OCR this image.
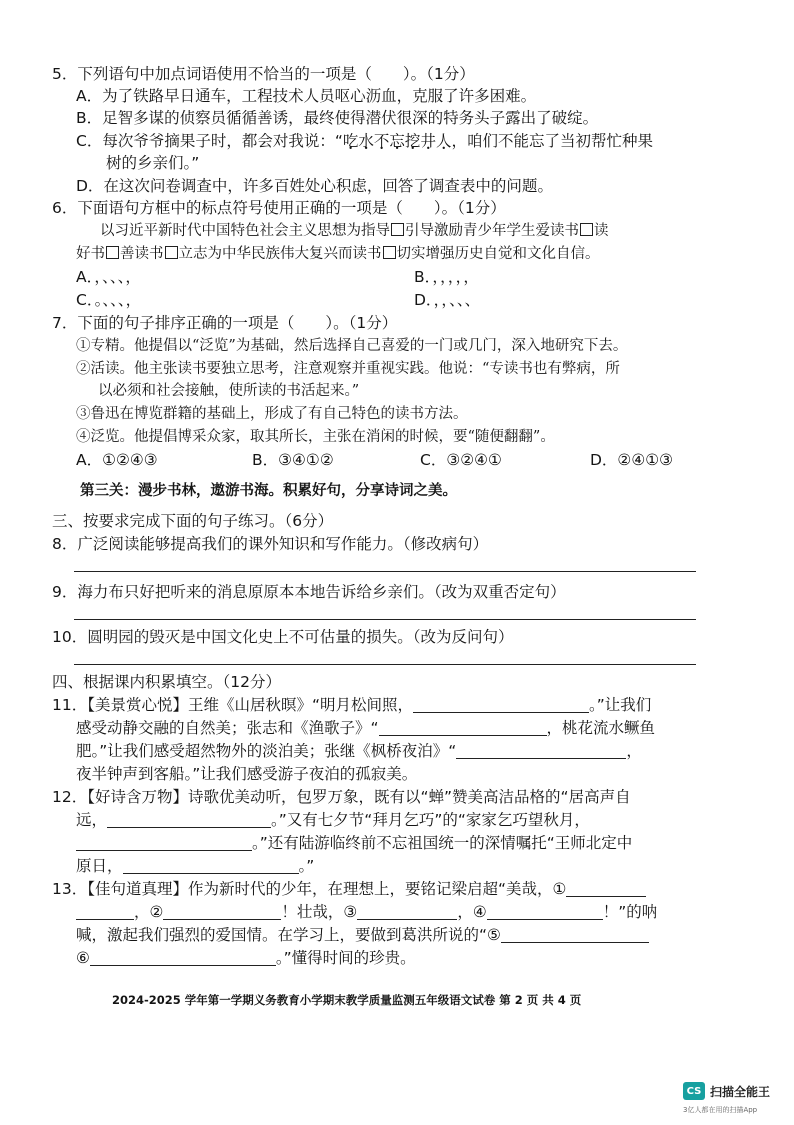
5．下列语句中加点词语使用不恰当的一项是（　　）。（1分）
A．为了铁路早日通车，工程技术人员呕心沥血，克服了许多困难。
B．足智多谋的侦察员循循善诱，最终使得潜伏很深的特务头子露出了破绽。
C．每次爷爷摘果子时，都会对我说：“吃水不忘挖井人，咱们不能忘了当初帮忙种果
树的乡亲们。”
D．在这次问卷调查中，许多百姓处心积虑，回答了调查表中的问题。
6．下面语句方框中的标点符号使用正确的一项是（　　）。（1分）
以习近平新时代中国特色社会主义思想为指导 引导激励青少年学生爱读书 读
好书 善读书 立志为中华民族伟大复兴而读书 切实增强历史自觉和文化自信。
A．，、、、，	B．，，，，，
C．。、、、，	D．，，、、、
7．下面的句子排序正确的一项是（　　）。（1分）
①专精。他提倡以“泛览”为基础，然后选择自己喜爱的一门或几门，深入地研究下去。
②活读。他主张读书要独立思考，注意观察并重视实践。他说：“专读书也有弊病，所
以必须和社会接触，使所读的书活起来。”
③鲁迅在博览群籍的基础上，形成了有自己特色的读书方法。
④泛览。他提倡博采众家，取其所长，主张在消闲的时候，要“随便翻翻”。
A．①②④③	B．③④①②	C．③②④①	D．②④①③
第三关：漫步书林，遨游书海。积累好句，分享诗词之美。
三、按要求完成下面的句子练习。（6分）
8．广泛阅读能够提高我们的课外知识和写作能力。（修改病句）
9．海力布只好把听来的消息原原本本地告诉给乡亲们。（改为双重否定句）
10．圆明园的毁灭是中国文化史上不可估量的损失。（改为反问句）
四、根据课内积累填空。（12分）
11．【美景赏心悦】王维《山居秋暝》“明月松间照，	。”让我们
感受动静交融的自然美；张志和《渔歌子》“	，桃花流水鳜鱼
肥。”让我们感受超然物外的淡泊美；张继《枫桥夜泊》“	，
夜半钟声到客船。”让我们感受游子夜泊的孤寂美。
12．【好诗含万物】诗歌优美动听，包罗万象，既有以“蝉”赞美高洁品格的“居高声自
远，	。”又有七夕节“拜月乞巧”的“家家乞巧望秋月，
。”还有陆游临终前不忘祖国统一的深情嘱托“王师北定中
原日，	。”
13．【佳句道真理】作为新时代的少年，在理想上，要铭记梁启超“美哉，①
，②	！壮哉，③	，④	！”的呐
喊，激起我们强烈的爱国情。在学习上，要做到葛洪所说的“⑤
⑥	。”懂得时间的珍贵。
2024-2025 学年第一学期义务教育小学期末教学质量监测五年级语文试卷 第 2 页 共 4 页
CS 扫描全能王
3亿人都在用的扫描App
